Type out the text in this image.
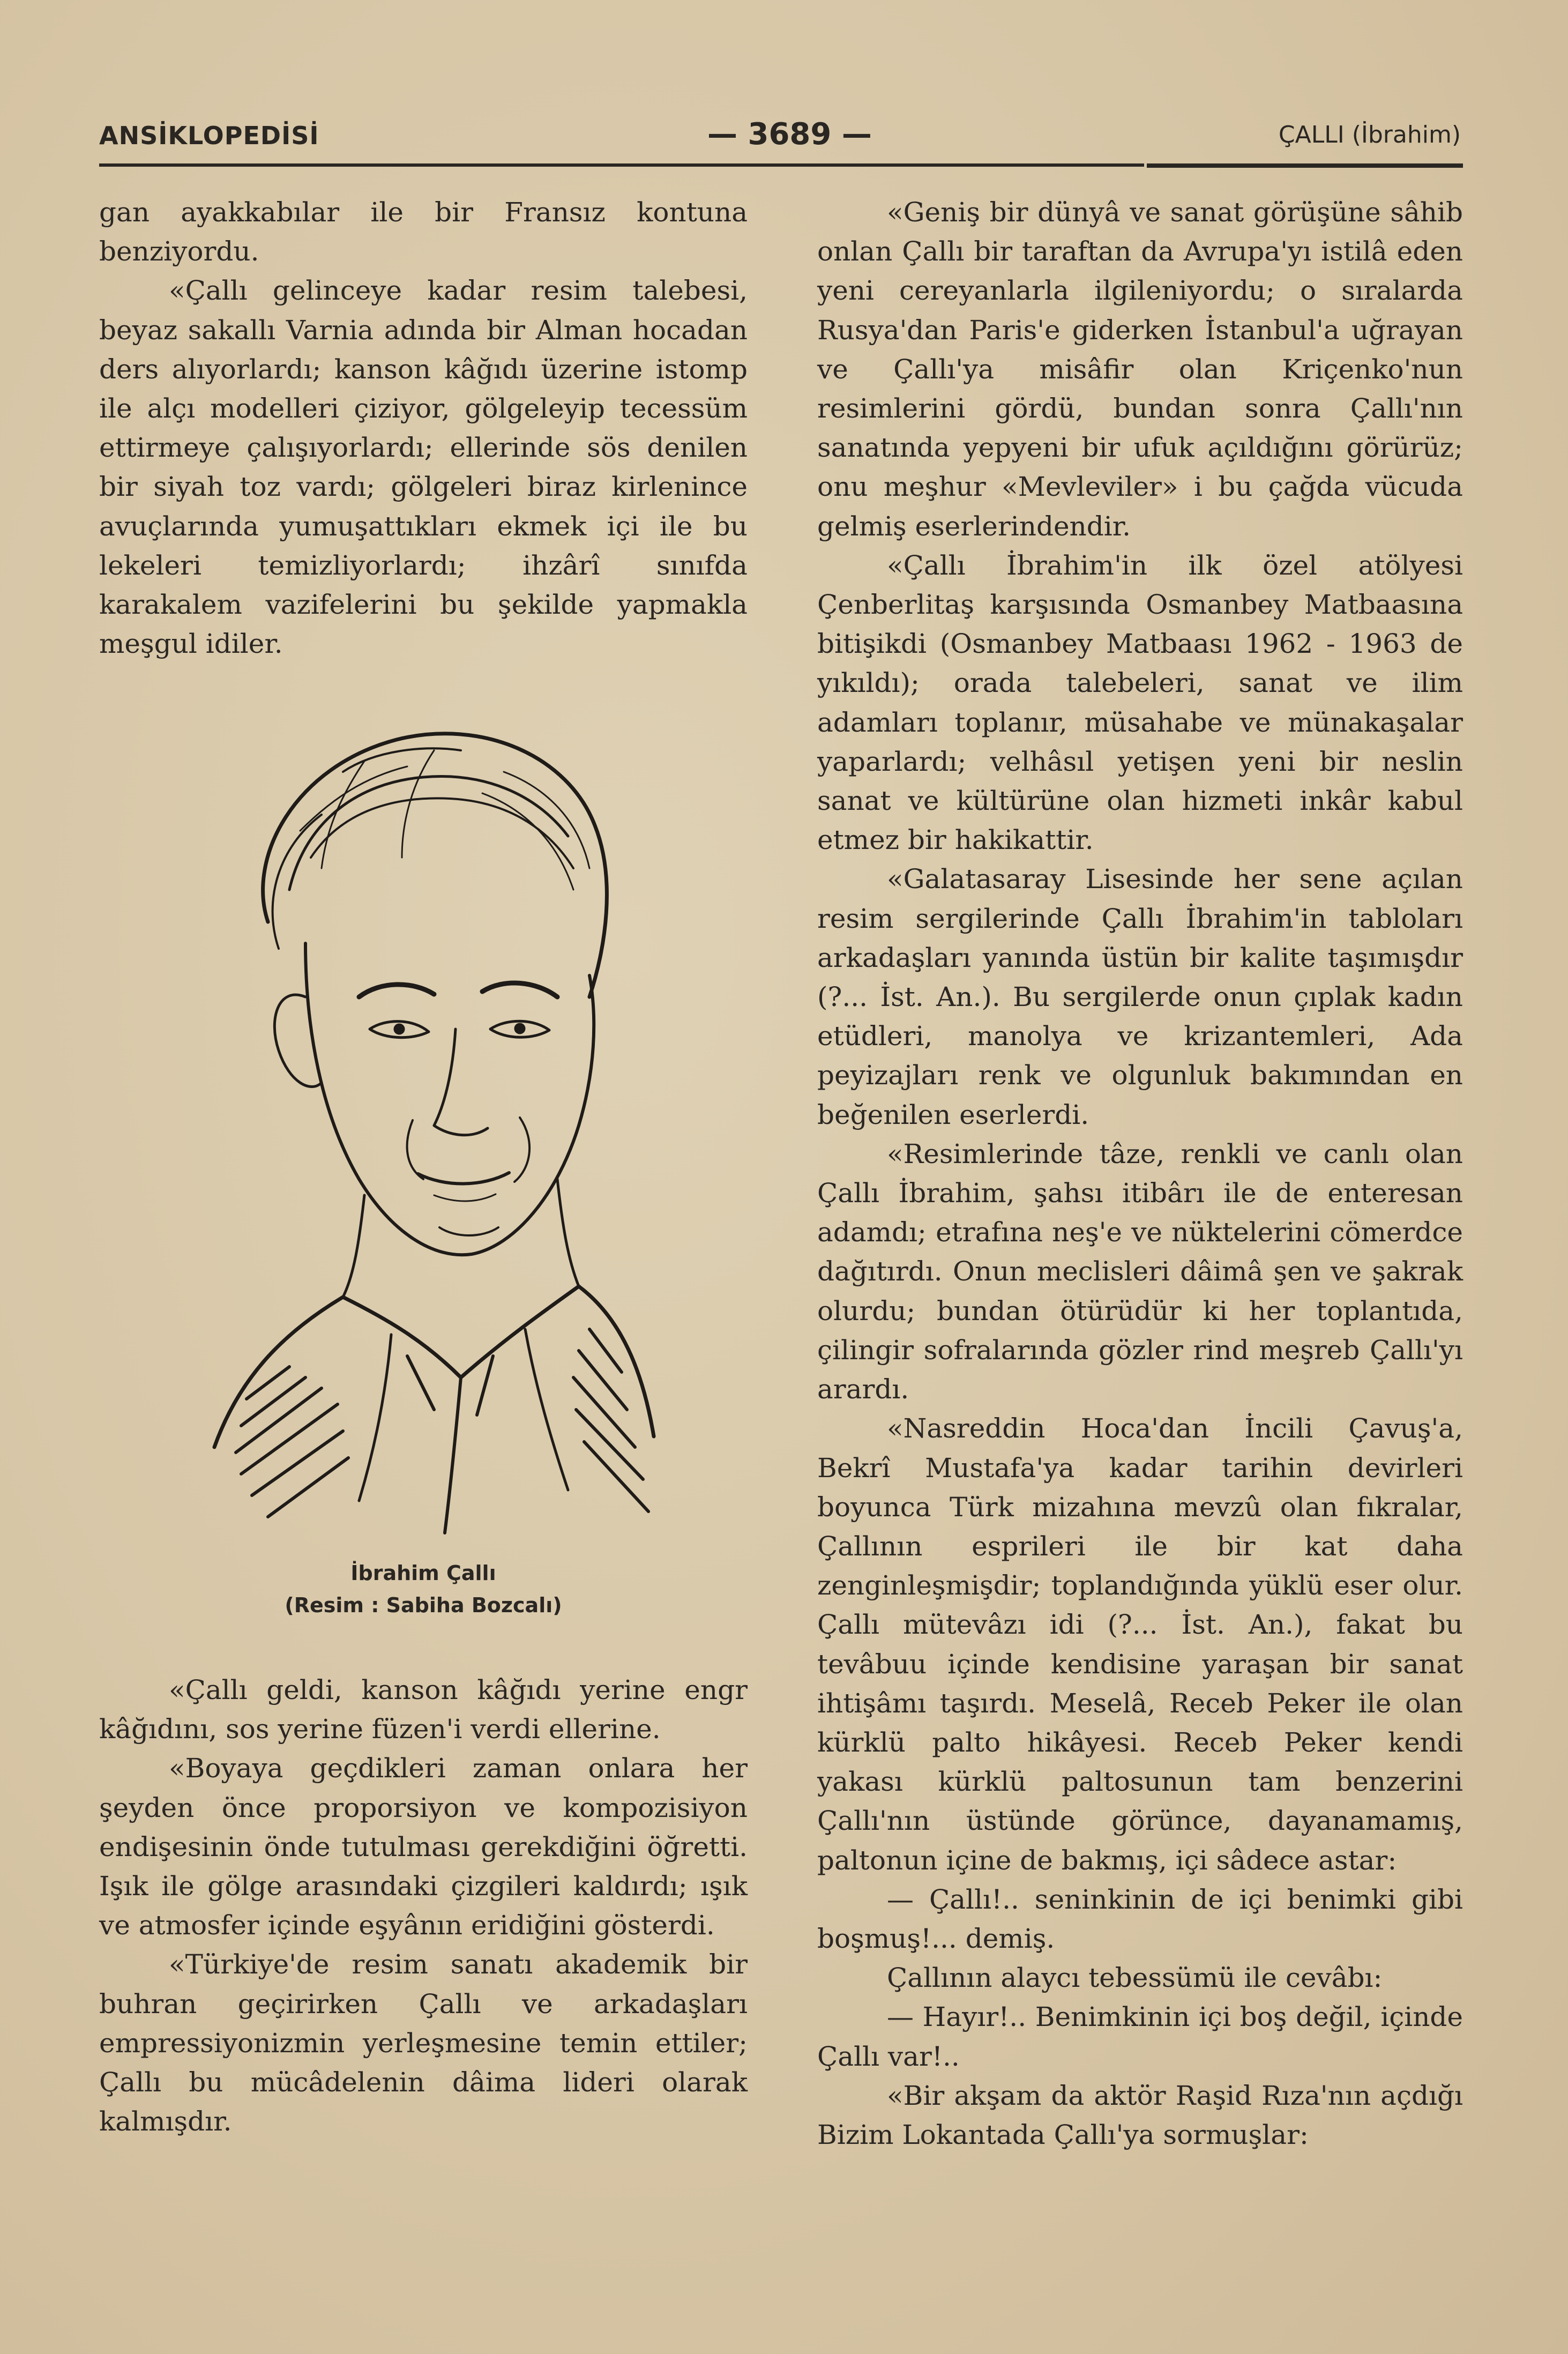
ANSİKLOPEDİSİ	— 3689 —	ÇALLI (İbrahim)

gan ayakkabılar ile bir Fransız kontuna benziyordu.

«Çallı gelinceye kadar resim talebesi, beyaz sakallı Varnia adında bir Alman hocadan ders alıyorlardı; kanson kâğıdı üzerine istomp ile alçı modelleri çiziyor, gölgeleyip tecessüm ettirmeye çalışıyorlardı; ellerinde sös denilen bir siyah toz vardı; gölgeleri biraz kirlenince avuçlarında yumuşattıkları ekmek içi ile bu lekeleri temizliyorlardı; ihzârî sınıfda karakalem vazifelerini bu şekilde yapmakla meşgul idiler.

İbrahim Çallı
(Resim : Sabiha Bozcalı)

«Çallı geldi, kanson kâğıdı yerine engr kâğıdını, sos yerine füzen'i verdi ellerine.

«Boyaya geçdikleri zaman onlara her şeyden önce proporsiyon ve kompozisiyon endişesinin önde tutulması gerekdiğini öğretti. Işık ile gölge arasındaki çizgileri kaldırdı; ışık ve atmosfer içinde eşyânın eridiğini gösterdi.

«Türkiye'de resim sanatı akademik bir buhran geçirirken Çallı ve arkadaşları empressiyonizmin yerleşmesine temin ettiler; Çallı bu mücâdelenin dâima lideri olarak kalmışdır.

«Geniş bir dünyâ ve sanat görüşüne sâhib onlan Çallı bir taraftan da Avrupa'yı istilâ eden yeni cereyanlarla ilgileniyordu; o sıralarda Rusya'dan Paris'e giderken İstanbul'a uğrayan ve Çallı'ya misâfir olan Kriçenko'nun resimlerini gördü, bundan sonra Çallı'nın sanatında yepyeni bir ufuk açıldığını görürüz; onu meşhur «Mevleviler» i bu çağda vücuda gelmiş eserlerindendir.

«Çallı İbrahim'in ilk özel atölyesi Çenberlitaş karşısında Osmanbey Matbaasına bitişikdi (Osmanbey Matbaası 1962 - 1963 de yıkıldı); orada talebeleri, sanat ve ilim adamları toplanır, müsahabe ve münakaşalar yaparlardı; velhâsıl yetişen yeni bir neslin sanat ve kültürüne olan hizmeti inkâr kabul etmez bir hakikattir.

«Galatasaray Lisesinde her sene açılan resim sergilerinde Çallı İbrahim'in tabloları arkadaşları yanında üstün bir kalite taşımışdır (?... İst. An.). Bu sergilerde onun çıplak kadın etüdleri, manolya ve krizantemleri, Ada peyizajları renk ve olgunluk bakımından en beğenilen eserlerdi.

«Resimlerinde tâze, renkli ve canlı olan Çallı İbrahim, şahsı itibârı ile de enteresan adamdı; etrafına neş'e ve nüktelerini cömerdce dağıtırdı. Onun meclisleri dâimâ şen ve şakrak olurdu; bundan ötürüdür ki her toplantıda, çilingir sofralarında gözler rind meşreb Çallı'yı arardı.

«Nasreddin Hoca'dan İncili Çavuş'a, Bekrî Mustafa'ya kadar tarihin devirleri boyunca Türk mizahına mevzû olan fıkralar, Çallının esprileri ile bir kat daha zenginleşmişdir; toplandığında yüklü eser olur. Çallı mütevâzı idi (?... İst. An.), fakat bu tevâbuu içinde kendisine yaraşan bir sanat ihtişâmı taşırdı. Meselâ, Receb Peker ile olan kürklü palto hikâyesi. Receb Peker kendi yakası kürklü paltosunun tam benzerini Çallı'nın üstünde görünce, dayanamamış, paltonun içine de bakmış, içi sâdece astar:

— Çallı!.. seninkinin de içi benimki gibi boşmuş!... demiş.

Çallının alaycı tebessümü ile cevâbı:

— Hayır!.. Benimkinin içi boş değil, içinde Çallı var!..

«Bir akşam da aktör Raşid Rıza'nın açdığı Bizim Lokantada Çallı'ya sormuşlar:
